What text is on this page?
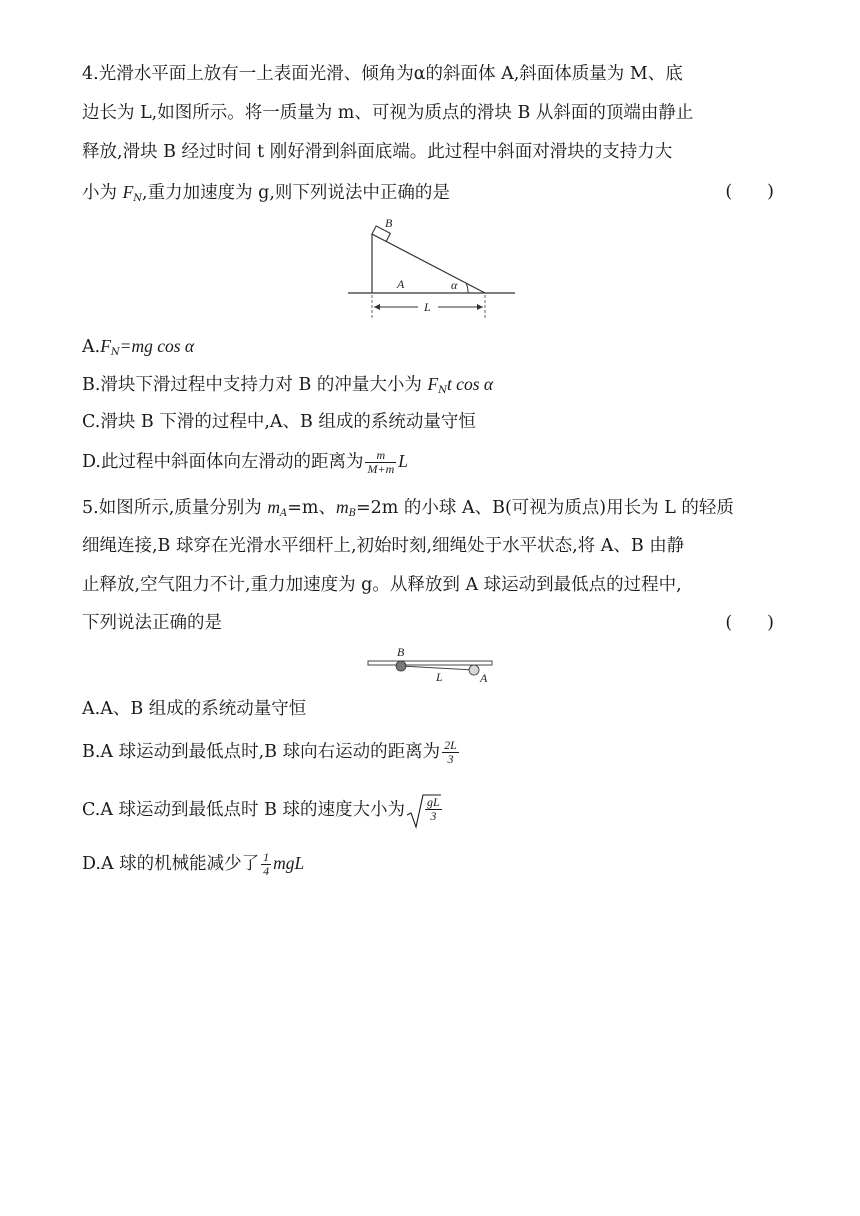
4.光滑水平面上放有一上表面光滑、倾角为α的斜面体 A,斜面体质量为 M、底
边长为 L,如图所示。将一质量为 m、可视为质点的滑块 B 从斜面的顶端由静止
释放,滑块 B 经过时间 t 刚好滑到斜面底端。此过程中斜面对滑块的支持力大
小为 $F_N$,重力加速度为 g,则下列说法中正确的是	(　　)
B
A	α
L
$A.F_N=mg$ cos α
B.滑块下滑过程中支持力对 B 的冲量大小为 $F_Nt$ cos α
C.滑块 B 下滑的过程中,A、B 组成的系统动量守恒
D.此过程中斜面体向左滑动的距离为 $\frac{m}{M+m}$ L
5.如图所示,质量分别为 $m_A=m$、$m_B=2m$ 的小球 A、B(可视为质点)用长为 L 的轻质
细绳连接,B 球穿在光滑水平细杆上,初始时刻,细绳处于水平状态,将 A、B 由静
止释放,空气阻力不计,重力加速度为 g。从释放到 A 球运动到最低点的过程中,
下列说法正确的是	(　　)
B
L	A
A.A、B 组成的系统动量守恒
B.A 球运动到最低点时,B 球向右运动的距离为 $\frac{2L}{3}$
C.A 球运动到最低点时 B 球的速度大小为 $\frac{gL}{3}$
D.A 球的机械能减少了 $\frac{1}{4}$ mgL
